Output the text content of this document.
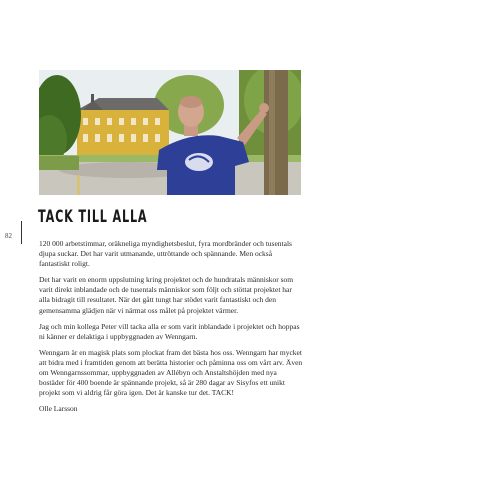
82
TACK TILL ALLA

120 000 arbetstimmar, oräkneliga myndighetsbeslut, fyra mordbränder och tusentals djupa suckar. Det har varit utmanande, uttröttande och spännande. Men också fantastiskt roligt.

Det har varit en enorm uppslutning kring projektet och de hundratals människor som varit direkt inblandade och de tusentals människor som följt och stöttat projektet har alla bidragit till resultatet. När det gått tungt har stödet varit fantastiskt och den gemensamma glädjen när vi närmat oss målet på projektet värmer.

Jag och min kollega Peter vill tacka alla er som varit inblandade i projektet och hoppas ni känner er delaktiga i uppbyggnaden av Wenngarn.

Wenngarn är en magisk plats som plockat fram det bästa hos oss. Wenngarn har mycket att bidra med i framtiden genom att berätta historier och påminna oss om vårt arv. Även om Wenngarnssommar, uppbyggnaden av Allébyn och Anstaltshöjden med nya bostäder för 400 boende är spännande projekt, så är 280 dagar av Sisyfos ett unikt projekt som vi aldrig får göra igen. Det är kanske tur det. TACK!

Olle Larsson
